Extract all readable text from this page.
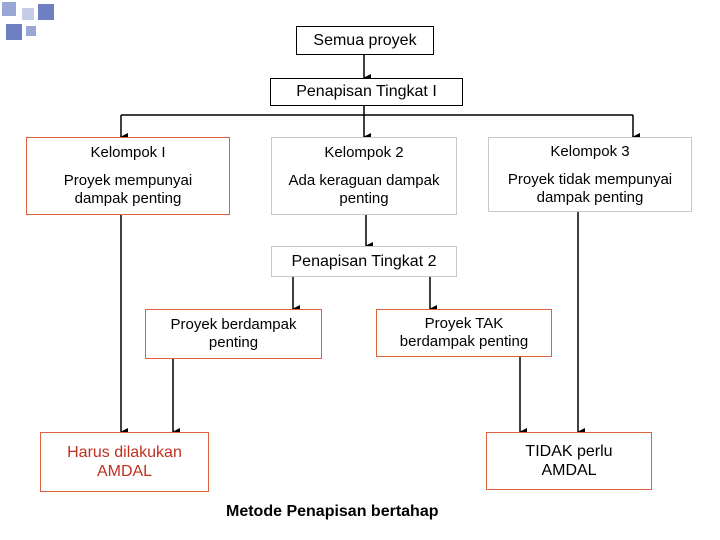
Semua proyek
Penapisan Tingkat I
Kelompok I
Proyek mempunyai dampak penting
Kelompok 2
Ada keraguan dampak penting
Kelompok 3
Proyek tidak mempunyai dampak penting
Penapisan Tingkat 2
Proyek berdampak penting
Proyek TAK berdampak penting
Harus dilakukan AMDAL
TIDAK perlu AMDAL
Metode Penapisan bertahap
